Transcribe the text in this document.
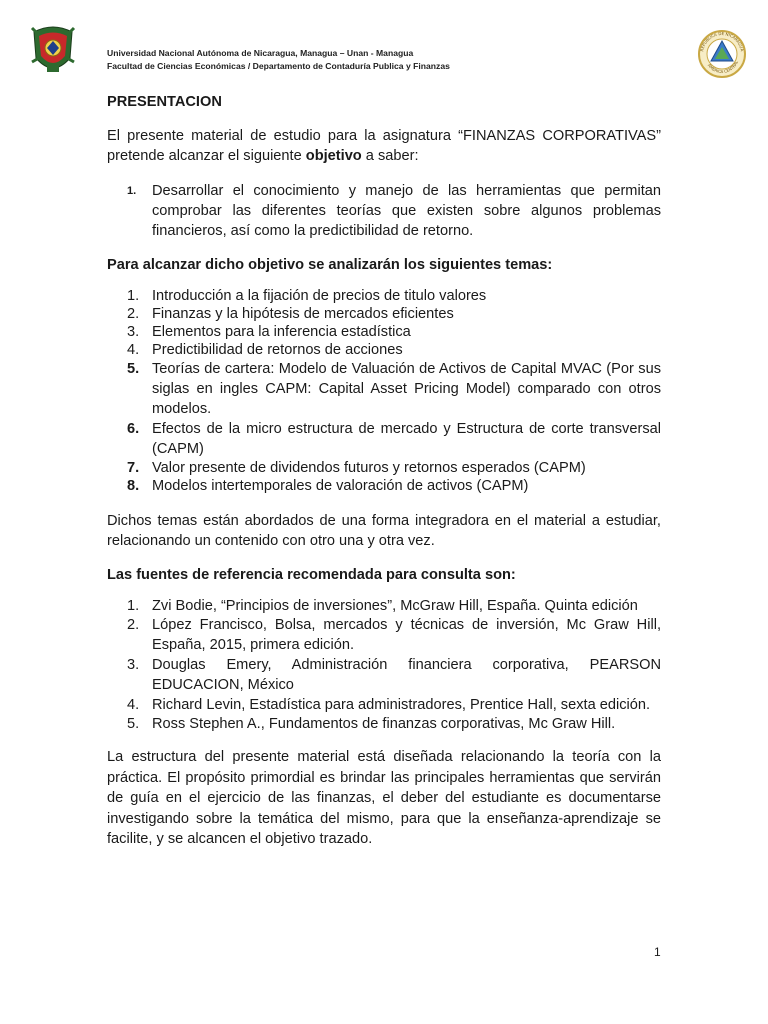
Universidad Nacional Autónoma de Nicaragua, Managua – Unan - Managua
Facultad de Ciencias Económicas / Departamento de Contaduría Publica y Finanzas
REPUBLICA DE NICARAGUA
AMERICA CENTRAL
PRESENTACION

El presente material de estudio para la asignatura “FINANZAS CORPORATIVAS” pretende alcanzar el siguiente objetivo a saber:

1.	Desarrollar el conocimiento y manejo de las herramientas que permitan comprobar las diferentes teorías que existen sobre algunos problemas financieros, así como la predictibilidad de retorno.

Para alcanzar dicho objetivo se analizarán los siguientes temas:

1. Introducción a la fijación de precios de titulo valores
2. Finanzas y la hipótesis de mercados eficientes
3. Elementos para la inferencia estadística
4. Predictibilidad de retornos de acciones
5. Teorías de cartera: Modelo de Valuación de Activos de Capital MVAC (Por sus siglas en ingles CAPM: Capital Asset Pricing Model) comparado con otros modelos.
6. Efectos de la micro estructura de mercado y Estructura de corte transversal (CAPM)
7. Valor presente de dividendos futuros y retornos esperados (CAPM)
8. Modelos intertemporales de valoración de activos (CAPM)

Dichos temas están abordados de una forma integradora en el material a estudiar, relacionando un contenido con otro una y otra vez.

Las fuentes de referencia recomendada para consulta son:

1. Zvi Bodie, “Principios de inversiones”, McGraw Hill, España. Quinta edición
2. López Francisco, Bolsa, mercados y técnicas de inversión, Mc Graw Hill, España, 2015, primera edición.
3. Douglas Emery, Administración financiera corporativa, PEARSON EDUCACION, México
4. Richard Levin, Estadística para administradores, Prentice Hall, sexta edición.
5. Ross Stephen A., Fundamentos de finanzas corporativas, Mc Graw Hill.

La estructura del presente material está diseñada relacionando la teoría con la práctica. El propósito primordial es brindar las principales herramientas que servirán de guía en el ejercicio de las finanzas, el deber del estudiante es documentarse investigando sobre la temática del mismo, para que la enseñanza-aprendizaje se facilite, y se alcancen el objetivo trazado.

1
